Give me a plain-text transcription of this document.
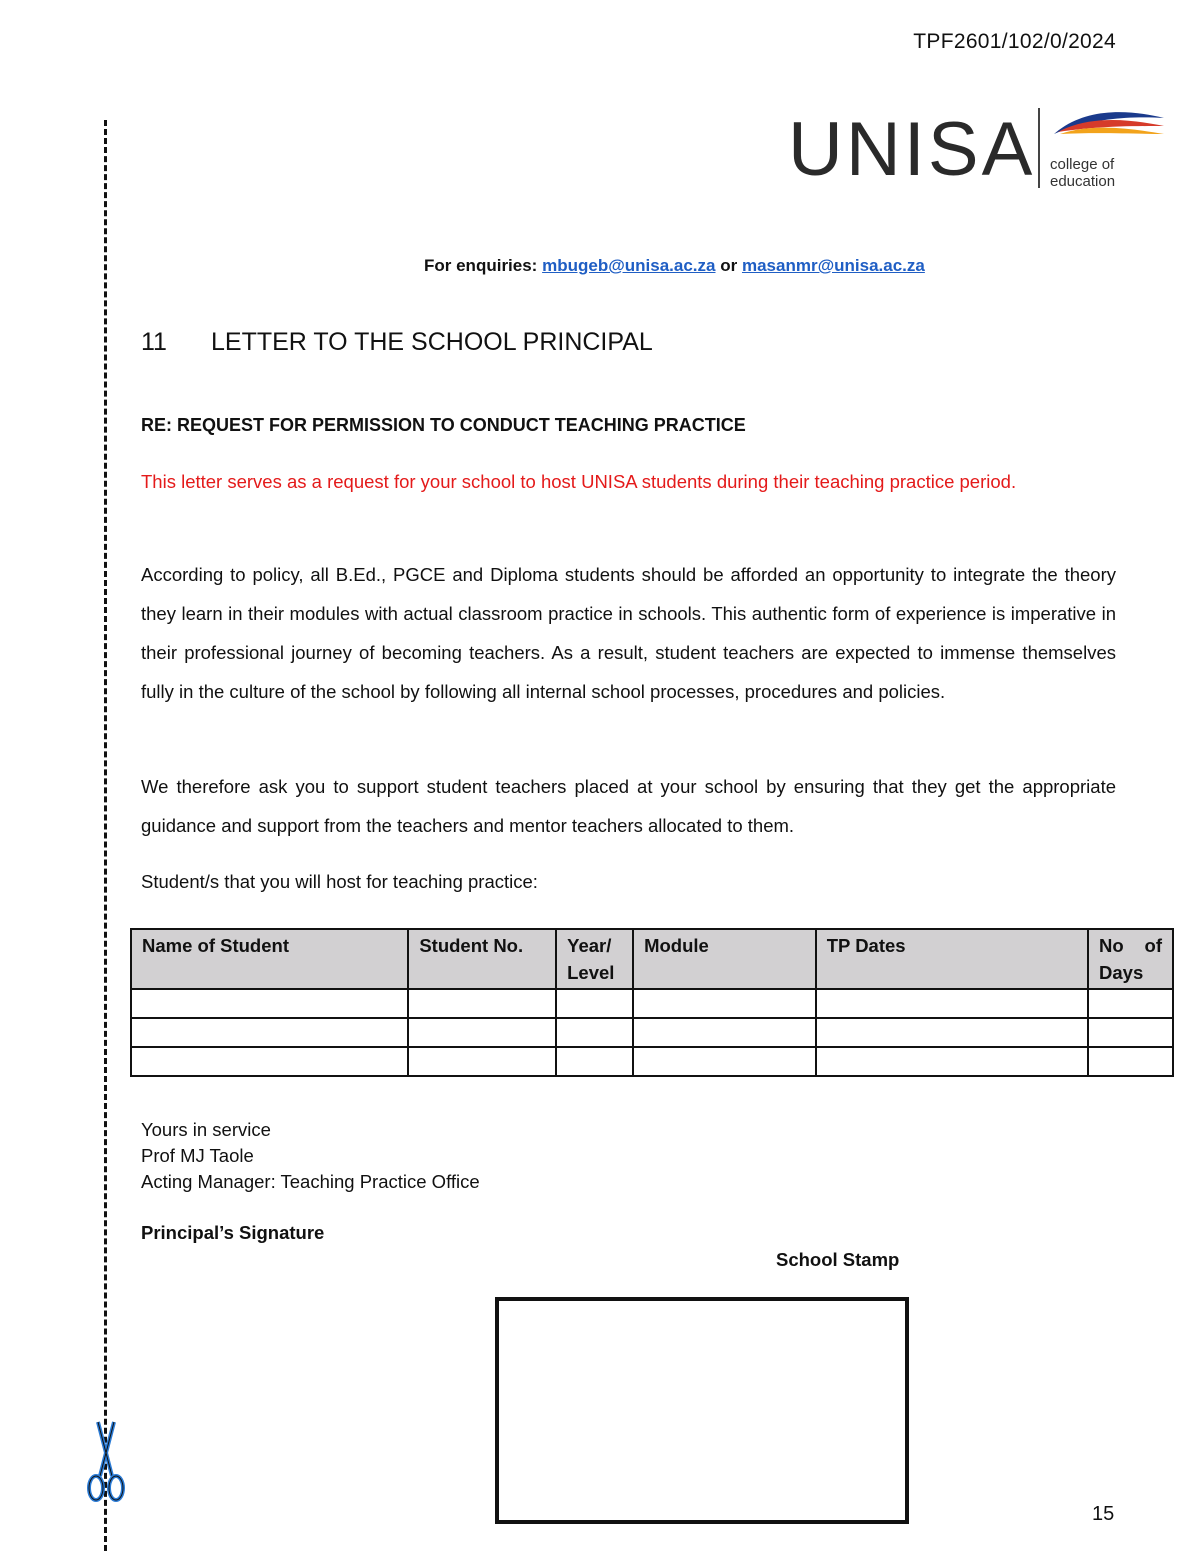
TPF2601/102/0/2024
UNISA college of
education
For enquiries: mbugeb@unisa.ac.za or masanmr@unisa.ac.za
11 LETTER TO THE SCHOOL PRINCIPAL
RE: REQUEST FOR PERMISSION TO CONDUCT TEACHING PRACTICE
This letter serves as a request for your school to host UNISA students during their teaching practice period.
According to policy, all B.Ed., PGCE and Diploma students should be afforded an opportunity to integrate the theory they learn in their modules with actual classroom practice in schools. This authentic form of experience is imperative in their professional journey of becoming teachers. As a result, student teachers are expected to immense themselves fully in the culture of the school by following all internal school processes, procedures and policies.
We therefore ask you to support student teachers placed at your school by ensuring that they get the appropriate guidance and support from the teachers and mentor teachers allocated to them.
Student/s that you will host for teaching practice:
Name of Student	Student No.	Year/ Level	Module	TP Dates	No of Days

Yours in service
Prof MJ Taole
Acting Manager: Teaching Practice Office
Principal’s Signature
School Stamp
15
